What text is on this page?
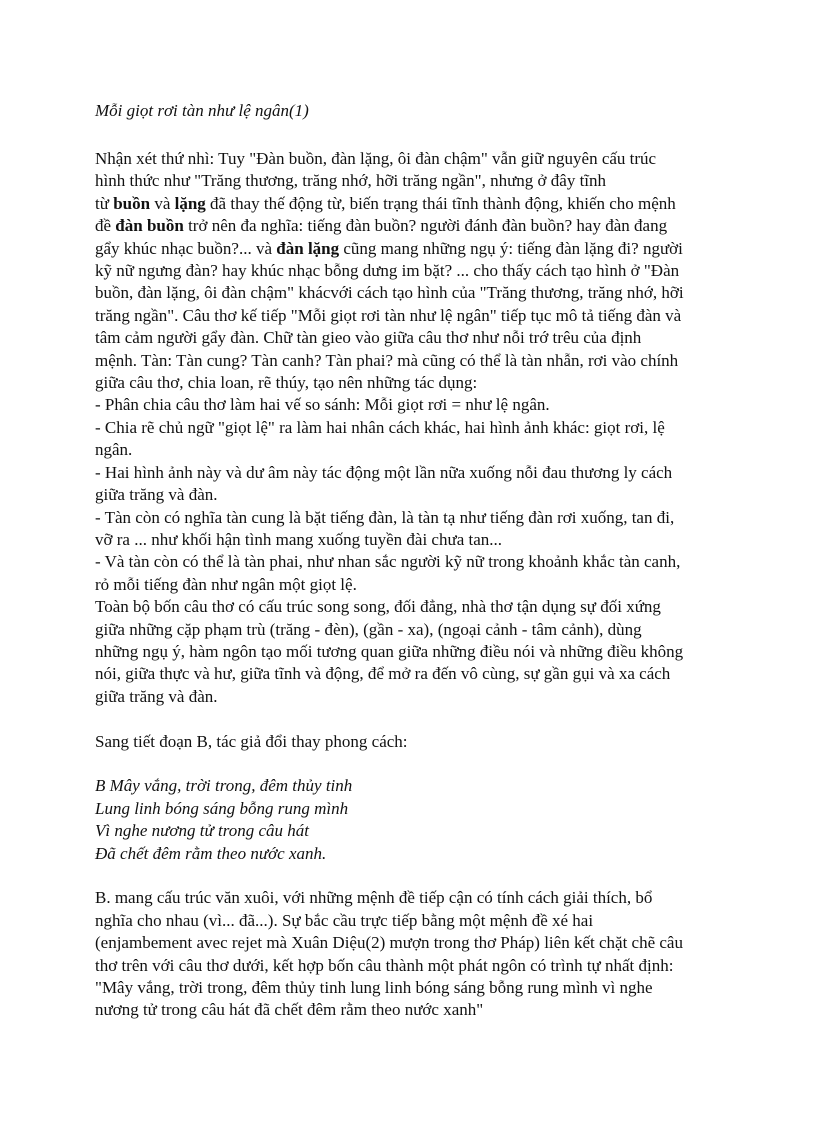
Mỗi giọt rơi tàn như lệ ngân(1)
Nhận xét thứ nhì: Tuy "Đàn buồn, đàn lặng, ôi đàn chậm" vẫn giữ nguyên cấu trúc
hình thức như "Trăng thương, trăng nhớ, hỡi trăng ngần", nhưng ở đây tĩnh
từ buồn và lặng đã thay thế động từ, biến trạng thái tĩnh thành động, khiến cho mệnh
đề đàn buồn trở nên đa nghĩa: tiếng đàn buồn? người đánh đàn buồn? hay đàn đang
gẩy khúc nhạc buồn?... và đàn lặng cũng mang những ngụ ý: tiếng đàn lặng đi? người
kỹ nữ ngưng đàn? hay khúc nhạc bỗng dưng im bặt? ... cho thấy cách tạo hình ở "Đàn
buồn, đàn lặng, ôi đàn chậm" khácvới cách tạo hình của "Trăng thương, trăng nhớ, hỡi
trăng ngần". Câu thơ kế tiếp "Mỗi giọt rơi tàn như lệ ngân" tiếp tục mô tả tiếng đàn và
tâm cảm người gẩy đàn. Chữ tàn gieo vào giữa câu thơ như nỗi trớ trêu của định
mệnh. Tàn: Tàn cung? Tàn canh? Tàn phai? mà cũng có thể là tàn nhẫn, rơi vào chính
giữa câu thơ, chia loan, rẽ thúy, tạo nên những tác dụng:
- Phân chia câu thơ làm hai vế so sánh: Mỗi giọt rơi = như lệ ngân.
- Chia rẽ chủ ngữ "giọt lệ" ra làm hai nhân cách khác, hai hình ảnh khác: giọt rơi, lệ
ngân.
- Hai hình ảnh này và dư âm này tác động một lần nữa xuống nỗi đau thương ly cách
giữa trăng và đàn.
- Tàn còn có nghĩa tàn cung là bặt tiếng đàn, là tàn tạ như tiếng đàn rơi xuống, tan đi,
vỡ ra ... như khối hận tình mang xuống tuyền đài chưa tan...
- Và tàn còn có thể là tàn phai, như nhan sắc người kỹ nữ trong khoảnh khắc tàn canh,
rỏ mỗi tiếng đàn như ngân một giọt lệ.
Toàn bộ bốn câu thơ có cấu trúc song song, đối đẳng, nhà thơ tận dụng sự đối xứng
giữa những cặp phạm trù (trăng - đèn), (gần - xa), (ngoại cảnh - tâm cảnh), dùng
những ngụ ý, hàm ngôn tạo mối tương quan giữa những điều nói và những điều không
nói, giữa thực và hư, giữa tĩnh và động, để mở ra đến vô cùng, sự gần gụi và xa cách
giữa trăng và đàn.
Sang tiết đoạn B, tác giả đổi thay phong cách:
B Mây vắng, trời trong, đêm thủy tinh
Lung linh bóng sáng bỗng rung mình
Vì nghe nương tử trong câu hát
Đã chết đêm rằm theo nước xanh.
B. mang cấu trúc văn xuôi, với những mệnh đề tiếp cận có tính cách giải thích, bổ
nghĩa cho nhau (vì... đã...). Sự bắc cầu trực tiếp bằng một mệnh đề xé hai
(enjambement avec rejet mà Xuân Diệu(2) mượn trong thơ Pháp) liên kết chặt chẽ câu
thơ trên với câu thơ dưới, kết hợp bốn câu thành một phát ngôn có trình tự nhất định:
"Mây vắng, trời trong, đêm thủy tinh lung linh bóng sáng bỗng rung mình vì nghe
nương tử trong câu hát đã chết đêm rằm theo nước xanh"
